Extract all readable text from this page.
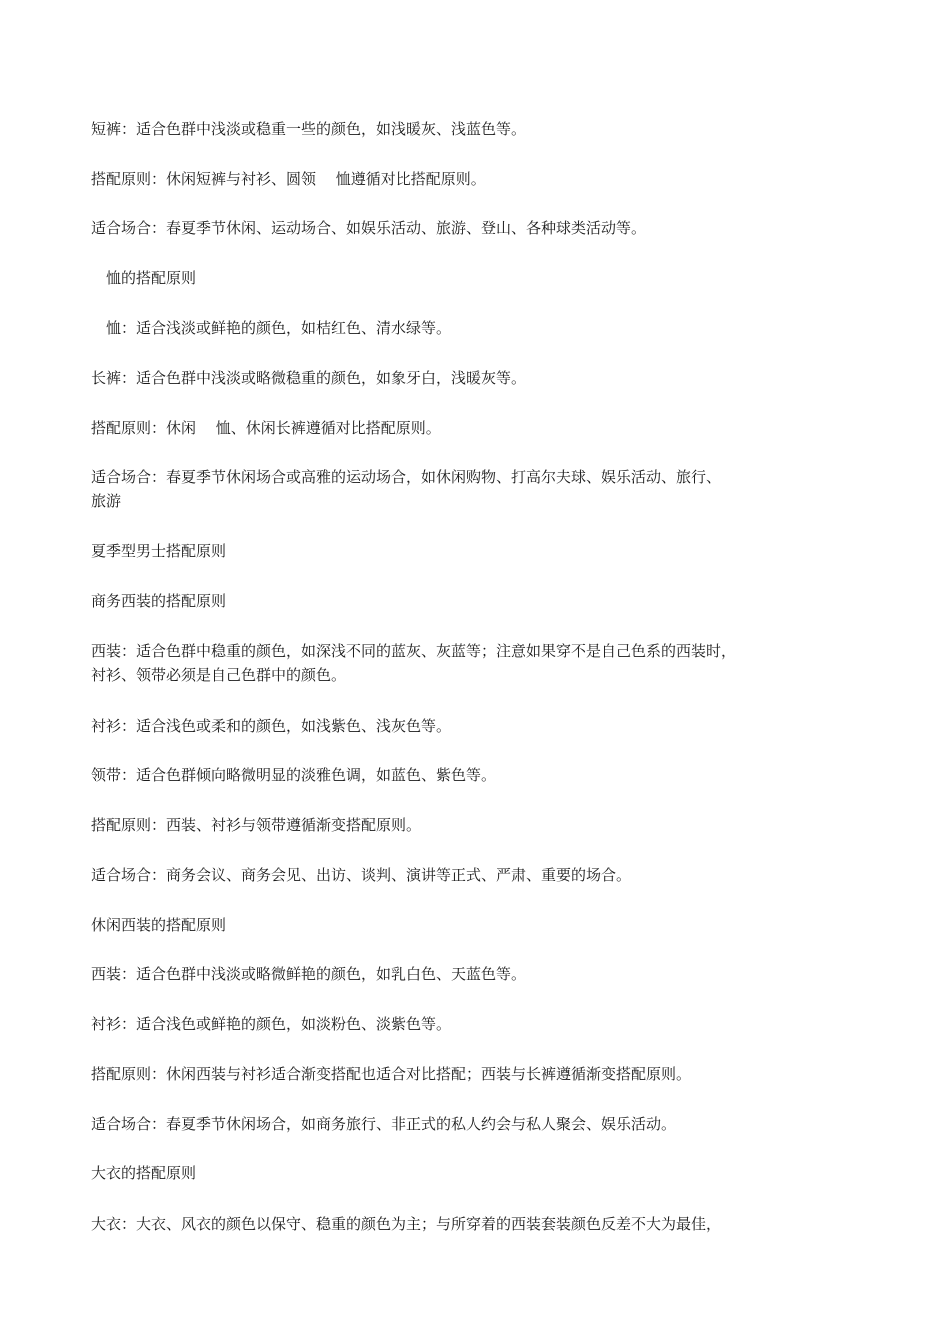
短裤：适合色群中浅淡或稳重一些的颜色，如浅暖灰、浅蓝色等。

搭配原则：休闲短裤与衬衫、圆领 　恤遵循对比搭配原则。

适合场合：春夏季节休闲、运动场合、如娱乐活动、旅游、登山、各种球类活动等。

　恤的搭配原则

　恤：适合浅淡或鲜艳的颜色，如桔红色、清水绿等。

长裤：适合色群中浅淡或略微稳重的颜色，如象牙白，浅暖灰等。

搭配原则：休闲 　恤、休闲长裤遵循对比搭配原则。

适合场合：春夏季节休闲场合或高雅的运动场合，如休闲购物、打高尔夫球、娱乐活动、旅行、

旅游

夏季型男士搭配原则

商务西装的搭配原则

西装：适合色群中稳重的颜色，如深浅不同的蓝灰、灰蓝等；注意如果穿不是自己色系的西装时，

衬衫、领带必须是自己色群中的颜色。

衬衫：适合浅色或柔和的颜色，如浅紫色、浅灰色等。

领带：适合色群倾向略微明显的淡雅色调，如蓝色、紫色等。

搭配原则：西装、衬衫与领带遵循渐变搭配原则。

适合场合：商务会议、商务会见、出访、谈判、演讲等正式、严肃、重要的场合。

休闲西装的搭配原则

西装：适合色群中浅淡或略微鲜艳的颜色，如乳白色、天蓝色等。

衬衫：适合浅色或鲜艳的颜色，如淡粉色、淡紫色等。

搭配原则：休闲西装与衬衫适合渐变搭配也适合对比搭配；西装与长裤遵循渐变搭配原则。

适合场合：春夏季节休闲场合，如商务旅行、非正式的私人约会与私人聚会、娱乐活动。

大衣的搭配原则

大衣：大衣、风衣的颜色以保守、稳重的颜色为主；与所穿着的西装套装颜色反差不大为最佳，
